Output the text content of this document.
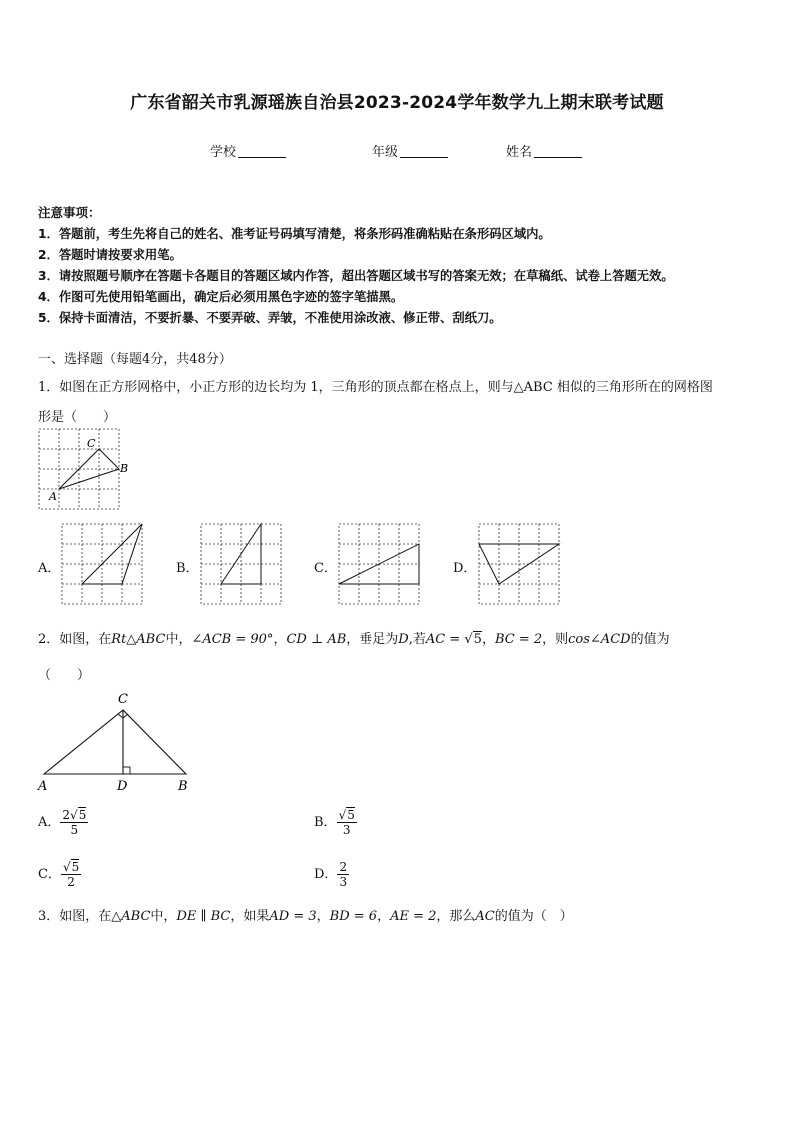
广东省韶关市乳源瑶族自治县2023-2024学年数学九上期末联考试题
学校	年级	姓名
注意事项：
1．答题前，考生先将自己的姓名、准考证号码填写清楚，将条形码准确粘贴在条形码区域内。
2．答题时请按要求用笔。
3．请按照题号顺序在答题卡各题目的答题区域内作答，超出答题区域书写的答案无效；在草稿纸、试卷上答题无效。
4．作图可先使用铅笔画出，确定后必须用黑色字迹的签字笔描黑。
5．保持卡面清洁，不要折暴、不要弄破、弄皱，不准使用涂改液、修正带、刮纸刀。
一、选择题（每题4分，共48分）
1．如图在正方形网格中，小正方形的边长均为 1，三角形的顶点都在格点上，则与△ABC 相似的三角形所在的网格图
形是（　　）
A
C
B
A．	B．	C．	D．
2．如图，在Rt△ABC中，∠ACB = 90°，CD ⊥ AB，垂足为D,若AC = √5，BC = 2，则cos∠ACD的值为
（　　）
C
A	D	B
A． $\frac{2√5}{5}$	B． $\frac{√5}{3}$
C． $\frac{√5}{2}$	D． $\frac{2}{3}$
3．如图，在△ABC中，DE ∥ BC，如果AD = 3，BD = 6，AE = 2，那么AC的值为（　）
